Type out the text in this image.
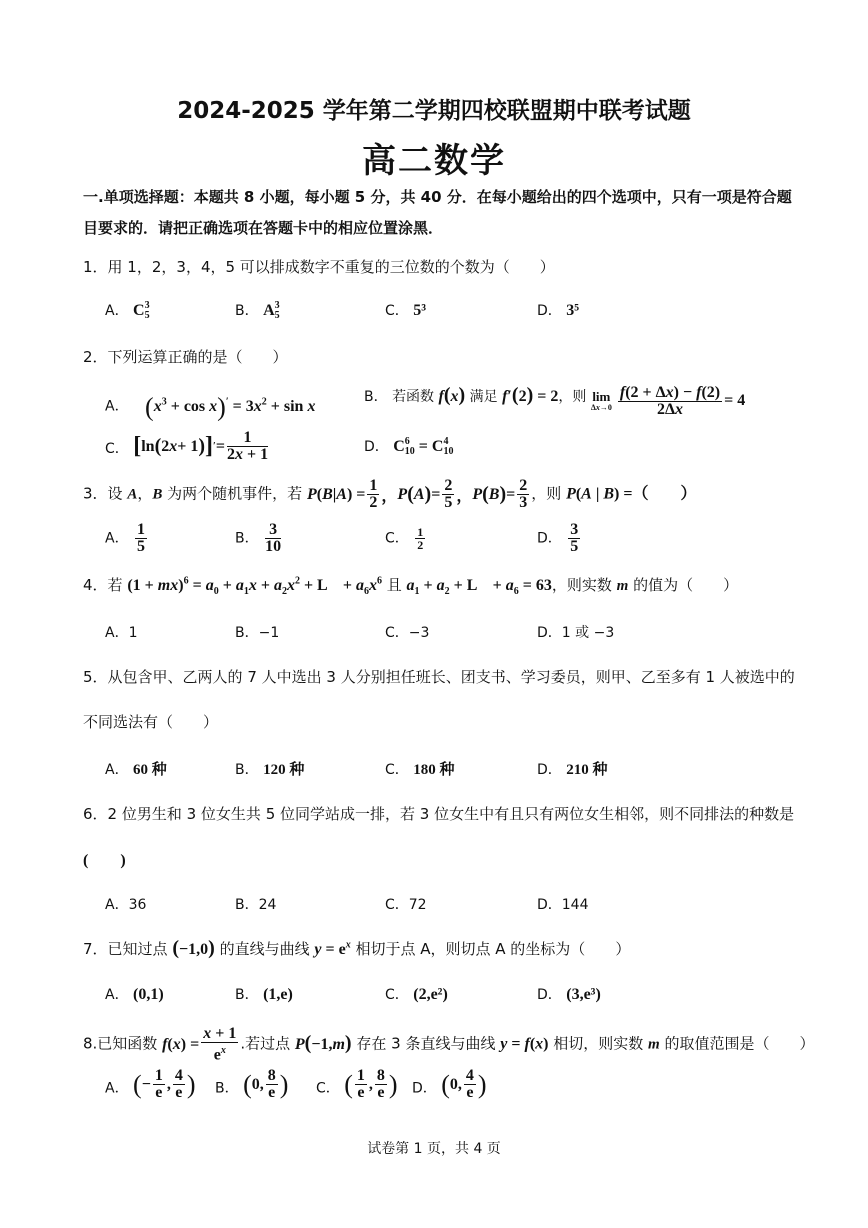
2024-2025 学年第二学期四校联盟期中联考试题
高二数学
一.单项选择题：本题共 8 小题，每小题 5 分，共 40 分．在每小题给出的四个选项中，只有一项是符合题
目要求的．请把正确选项在答题卡中的相应位置涂黑．
1．用 1，2，3，4，5 可以排成数字不重复的三位数的个数为（　　）
A． C 3
5	B． A 3
5	C． 5³	D． 3⁵
2．下列运算正确的是（　　）
A． $(x^3 + \cos x)' = 3x^2 + \sin x$
B． 若函数 f(x) 满足 f′(2) = 2，则 lim
$\Delta x\to 0 \frac{f(2 + \Delta x) - f(2)}{2\Delta x} = 4$
C． [ ln ( 2 x + 1 ) ] ′ = $\frac{1}{2x + 1}$	D． C 6
10 = C 4
10
3．设 A，B 为两个随机事件，若 P ( B | A ) = $\frac{1}{2}$ ， P ( A ) = $\frac{2}{5}$ ， P ( B ) = $\frac{2}{3}$ ，则 P(A | B) =（　　）
A． $\frac{1}{5}$	B． $\frac{3}{10}$	C． $\frac{1}{2}$	D． $\frac{3}{5}$
4．若 $(1 + mx)^6 = a_0 + a_1x + a_2x^2 + L$　+ $a_6x^6$ 且 $a_1 + a_2 + L$　+ $a_6 = 63$，则实数 m 的值为（　　）
A．1	B．−1	C．−3	D．1 或 −3
5．从包含甲、乙两人的 7 人中选出 3 人分别担任班长、团支书、学习委员，则甲、乙至多有 1 人被选中的
不同选法有（　　）
A． 60 种	B． 120 种	C． 180 种	D． 210 种
6．2 位男生和 3 位女生共 5 位同学站成一排，若 3 位女生中有且只有两位女生相邻，则不同排法的种数是
(　　)
A．36	B．24	C．72	D．144
7．已知过点 (−1,0) 的直线与曲线 $y = e^x$ 相切于点 A，则切点 A 的坐标为（　　）
A． (0,1)	B． (1,e)	C． (2,e²)	D． (3,e³)
8.已知函数 f ( x ) = $\frac{x + 1}{e^x}$ .若过点 P(−1,m) 存在 3 条直线与曲线 y = f(x) 相切，则实数 m 的取值范围是（　　）
A． ( − $\frac{1}{e}$ , $\frac{4}{e}$ ) B． ( 0, $\frac{8}{e}$ ) C． ( $\frac{1}{e}$ , $\frac{8}{e}$ ) D． ( 0, $\frac{4}{e}$ )
试卷第 1 页，共 4 页
